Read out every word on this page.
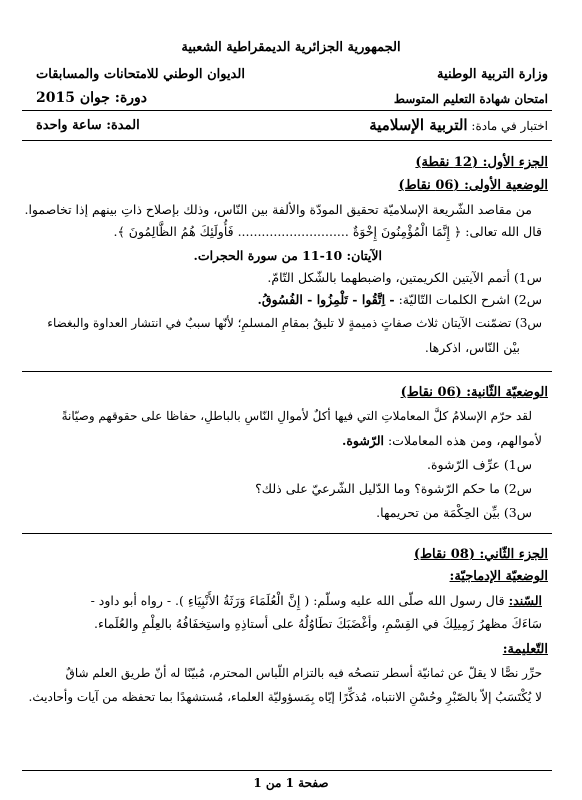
الجمهورية الجزائرية الديمقراطية الشعبية
وزارة التربية الوطنية
الديوان الوطني للامتحانات والمسابقات
امتحان شهادة التعليم المتوسط
دورة: جوان 2015
اختبار في مادة: التربية الإسلامية
المدة: ساعة واحدة
الجزء الأول: (12 نقطة)
الوضعية الأولى: (06 نقاط)
من مقاصد الشّريعة الإسلاميّة تحقيق المودّة والألفة بين النّاس، وذلك بإصلاح ذاتِ بينهم إذا تخاصموا.
قال الله تعالى: ﴿ إِنَّمَا الْمُؤْمِنُونَ إِخْوَةٌ ............................ فَأُولَئِكَ هُمُ الظَّالِمُونَ ﴾.
الآيتان: 10-11 من سورة الحجرات.
س1) أتمم الآيتين الكريمتين، واضبطهما بالشّكل التّامّ.
س2) اشرح الكلمات التّاليّة: - اِتَّقُوا - تَلْمِزُوا - الفُسُوقُ.
س3) تضمّنت الآيتان ثلاث صفاتٍ ذميمةٍ لا تليقُ بمقامِ المسلمِ؛ لأنّها سببٌ في انتشار العداوة والبغضاء
بيْن النّاس، اذكرها.
الوضعيّة الثّانية: (06 نقاط)
لقد حرّم الإسلامُ كلَّ المعاملاتِ التي فيها أكلٌ لأموالِ النّاسِ بالباطلِ، حفاظا على حقوقهم وصيّانةً
لأموالهم، ومن هذه المعاملات: الرّشوة.
س1) عرِّف الرّشوة.
س2) ما حكم الرّشوة؟ وما الدّليل الشّرعيّ على ذلك؟
س3) بيِّن الحِكْمَة من تحريمها.
الجزء الثّاني: (08 نقاط)
الوضعيّة الإدماجيّة:
السّند: قال رسول الله صلّى الله عليه وسلّم: ( إِنَّ الْعُلَمَاءَ وَرَثَةُ الأَنْبِيَاءِ ). - رواه أبو داود -
سَاءَكَ مظهرُ زَمِيلِكَ في القِسْمِ، وأغْضَبَكَ تطَاوُلُهُ على أستاذِهِ واستِخفَافُهُ بالعِلْمِ والعُلَماء.
التّعليمة:
حرِّر نصًّا لا يقلّ عن ثمانيّة أسطر تنصحُه فيه بالتزام اللّباس المحترم، مُبيّنًا له أنّ طريق العلم شاقٌ
لا يُكْتَسَبُ إلاّ بالصّبْرِ وحُسْنِ الانتباه، مُذكِّرًا إيّاه بِمَسؤوليّة العلماء، مُستشهدًا بما تحفظه من آيات وأحاديث.
صفحة 1 من 1
